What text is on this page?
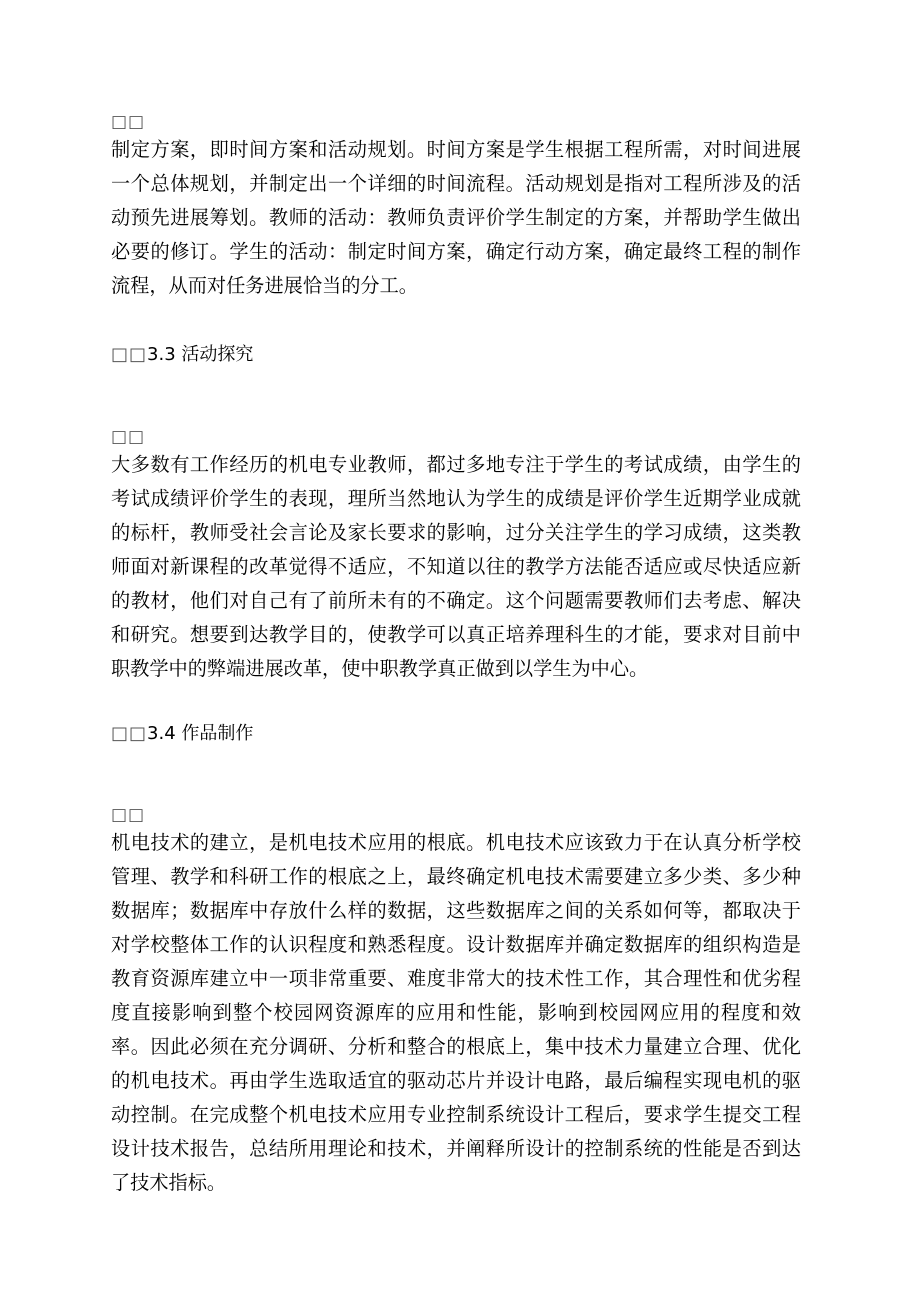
□□

制定方案，即时间方案和活动规划。时间方案是学生根据工程所需，对时间进展一个总体规划，并制定出一个详细的时间流程。活动规划是指对工程所涉及的活动预先进展筹划。教师的活动：教师负责评价学生制定的方案，并帮助学生做出必要的修订。学生的活动：制定时间方案，确定行动方案，确定最终工程的制作流程，从而对任务进展恰当的分工。

□□3.3 活动探究
□□

大多数有工作经历的机电专业教师，都过多地专注于学生的考试成绩，由学生的考试成绩评价学生的表现，理所当然地认为学生的成绩是评价学生近期学业成就的标杆，教师受社会言论及家长要求的影响，过分关注学生的学习成绩，这类教师面对新课程的改革觉得不适应，不知道以往的教学方法能否适应或尽快适应新的教材，他们对自己有了前所未有的不确定。这个问题需要教师们去考虑、解决和研究。想要到达教学目的，使教学可以真正培养理科生的才能，要求对目前中职教学中的弊端进展改革，使中职教学真正做到以学生为中心。

□□3.4 作品制作
□□

机电技术的建立，是机电技术应用的根底。机电技术应该致力于在认真分析学校管理、教学和科研工作的根底之上，最终确定机电技术需要建立多少类、多少种数据库；数据库中存放什么样的数据，这些数据库之间的关系如何等，都取决于对学校整体工作的认识程度和熟悉程度。设计数据库并确定数据库的组织构造是教育资源库建立中一项非常重要、难度非常大的技术性工作，其合理性和优劣程度直接影响到整个校园网资源库的应用和性能，影响到校园网应用的程度和效率。因此必须在充分调研、分析和整合的根底上，集中技术力量建立合理、优化的机电技术。再由学生选取适宜的驱动芯片并设计电路，最后编程实现电机的驱动控制。在完成整个机电技术应用专业控制系统设计工程后，要求学生提交工程设计技术报告，总结所用理论和技术，并阐释所设计的控制系统的性能是否到达了技术指标。
